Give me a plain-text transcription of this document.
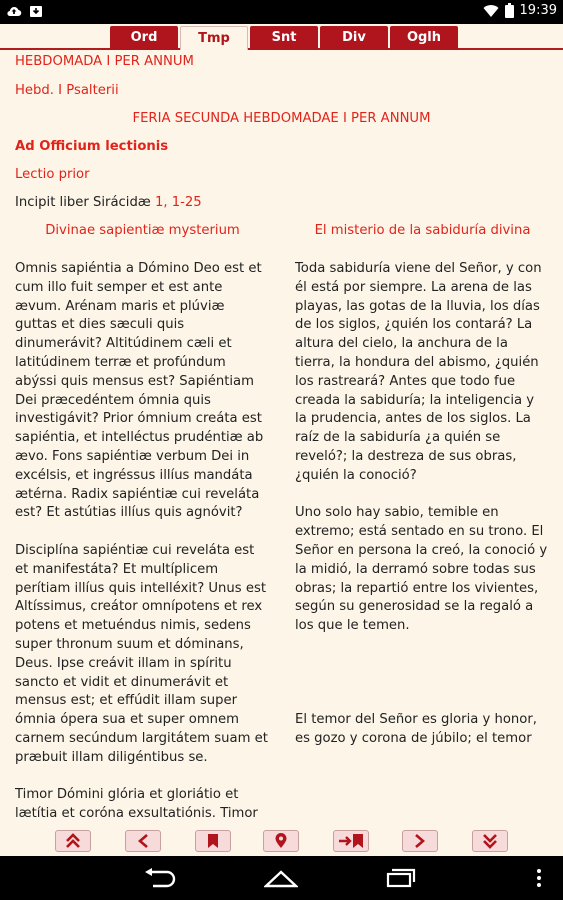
19:39
Ord	Tmp	Snt	Div	Oglh
HEBDOMADA I PER ANNUM
Hebd. I Psalterii
FERIA SECUNDA HEBDOMADAE I PER ANNUM
Ad Officium lectionis
Lectio prior
Incipit liber Sirácidæ 1, 1-25
Divinae sapientiæ mysterium	El misterio de la sabiduría divina

Omnis sapiéntia a Dómino Deo est et cum illo fuit semper et est ante ævum. Arénam maris et plúviæ guttas et dies sæculi quis dinumerávit? Altitúdinem cæli et latitúdinem terræ et profúndum abýssi quis mensus est? Sapiéntiam Dei præcedéntem ómnia quis investigávit? Prior ómnium creáta est sapiéntia, et intelléctus prudéntiæ ab ævo. Fons sapiéntiæ verbum Dei in excélsis, et ingréssus illíus mandáta ætérna. Radix sapiéntiæ cui reveláta est? Et astútias illíus quis agnóvit?

Disciplína sapiéntiæ cui reveláta est et manifestáta? Et multíplicem perítiam illíus quis intelléxit? Unus est Altíssimus, creátor omnípotens et rex potens et metuéndus nimis, sedens super thronum suum et dóminans, Deus. Ipse creávit illam in spíritu sancto et vidit et dinumerávit et mensus est; et effúdit illam super ómnia ópera sua et super omnem carnem secúndum largitátem suam et præbuit illam diligéntibus se.

Timor Dómini glória et gloriátio et lætítia et coróna exsultatiónis. Timor

Toda sabiduría viene del Señor, y con él está por siempre. La arena de las playas, las gotas de la lluvia, los días de los siglos, ¿quién los contará? La altura del cielo, la anchura de la tierra, la hondura del abismo, ¿quién los rastreará? Antes que todo fue creada la sabiduría; la inteligencia y la prudencia, antes de los siglos. La raíz de la sabiduría ¿a quién se reveló?; la destreza de sus obras, ¿quién la conoció?

Uno solo hay sabio, temible en extremo; está sentado en su trono. El Señor en persona la creó, la conoció y la midió, la derramó sobre todas sus obras; la repartió entre los vivientes, según su generosidad se la regaló a los que le temen.

El temor del Señor es gloria y honor, es gozo y corona de júbilo; el temor
